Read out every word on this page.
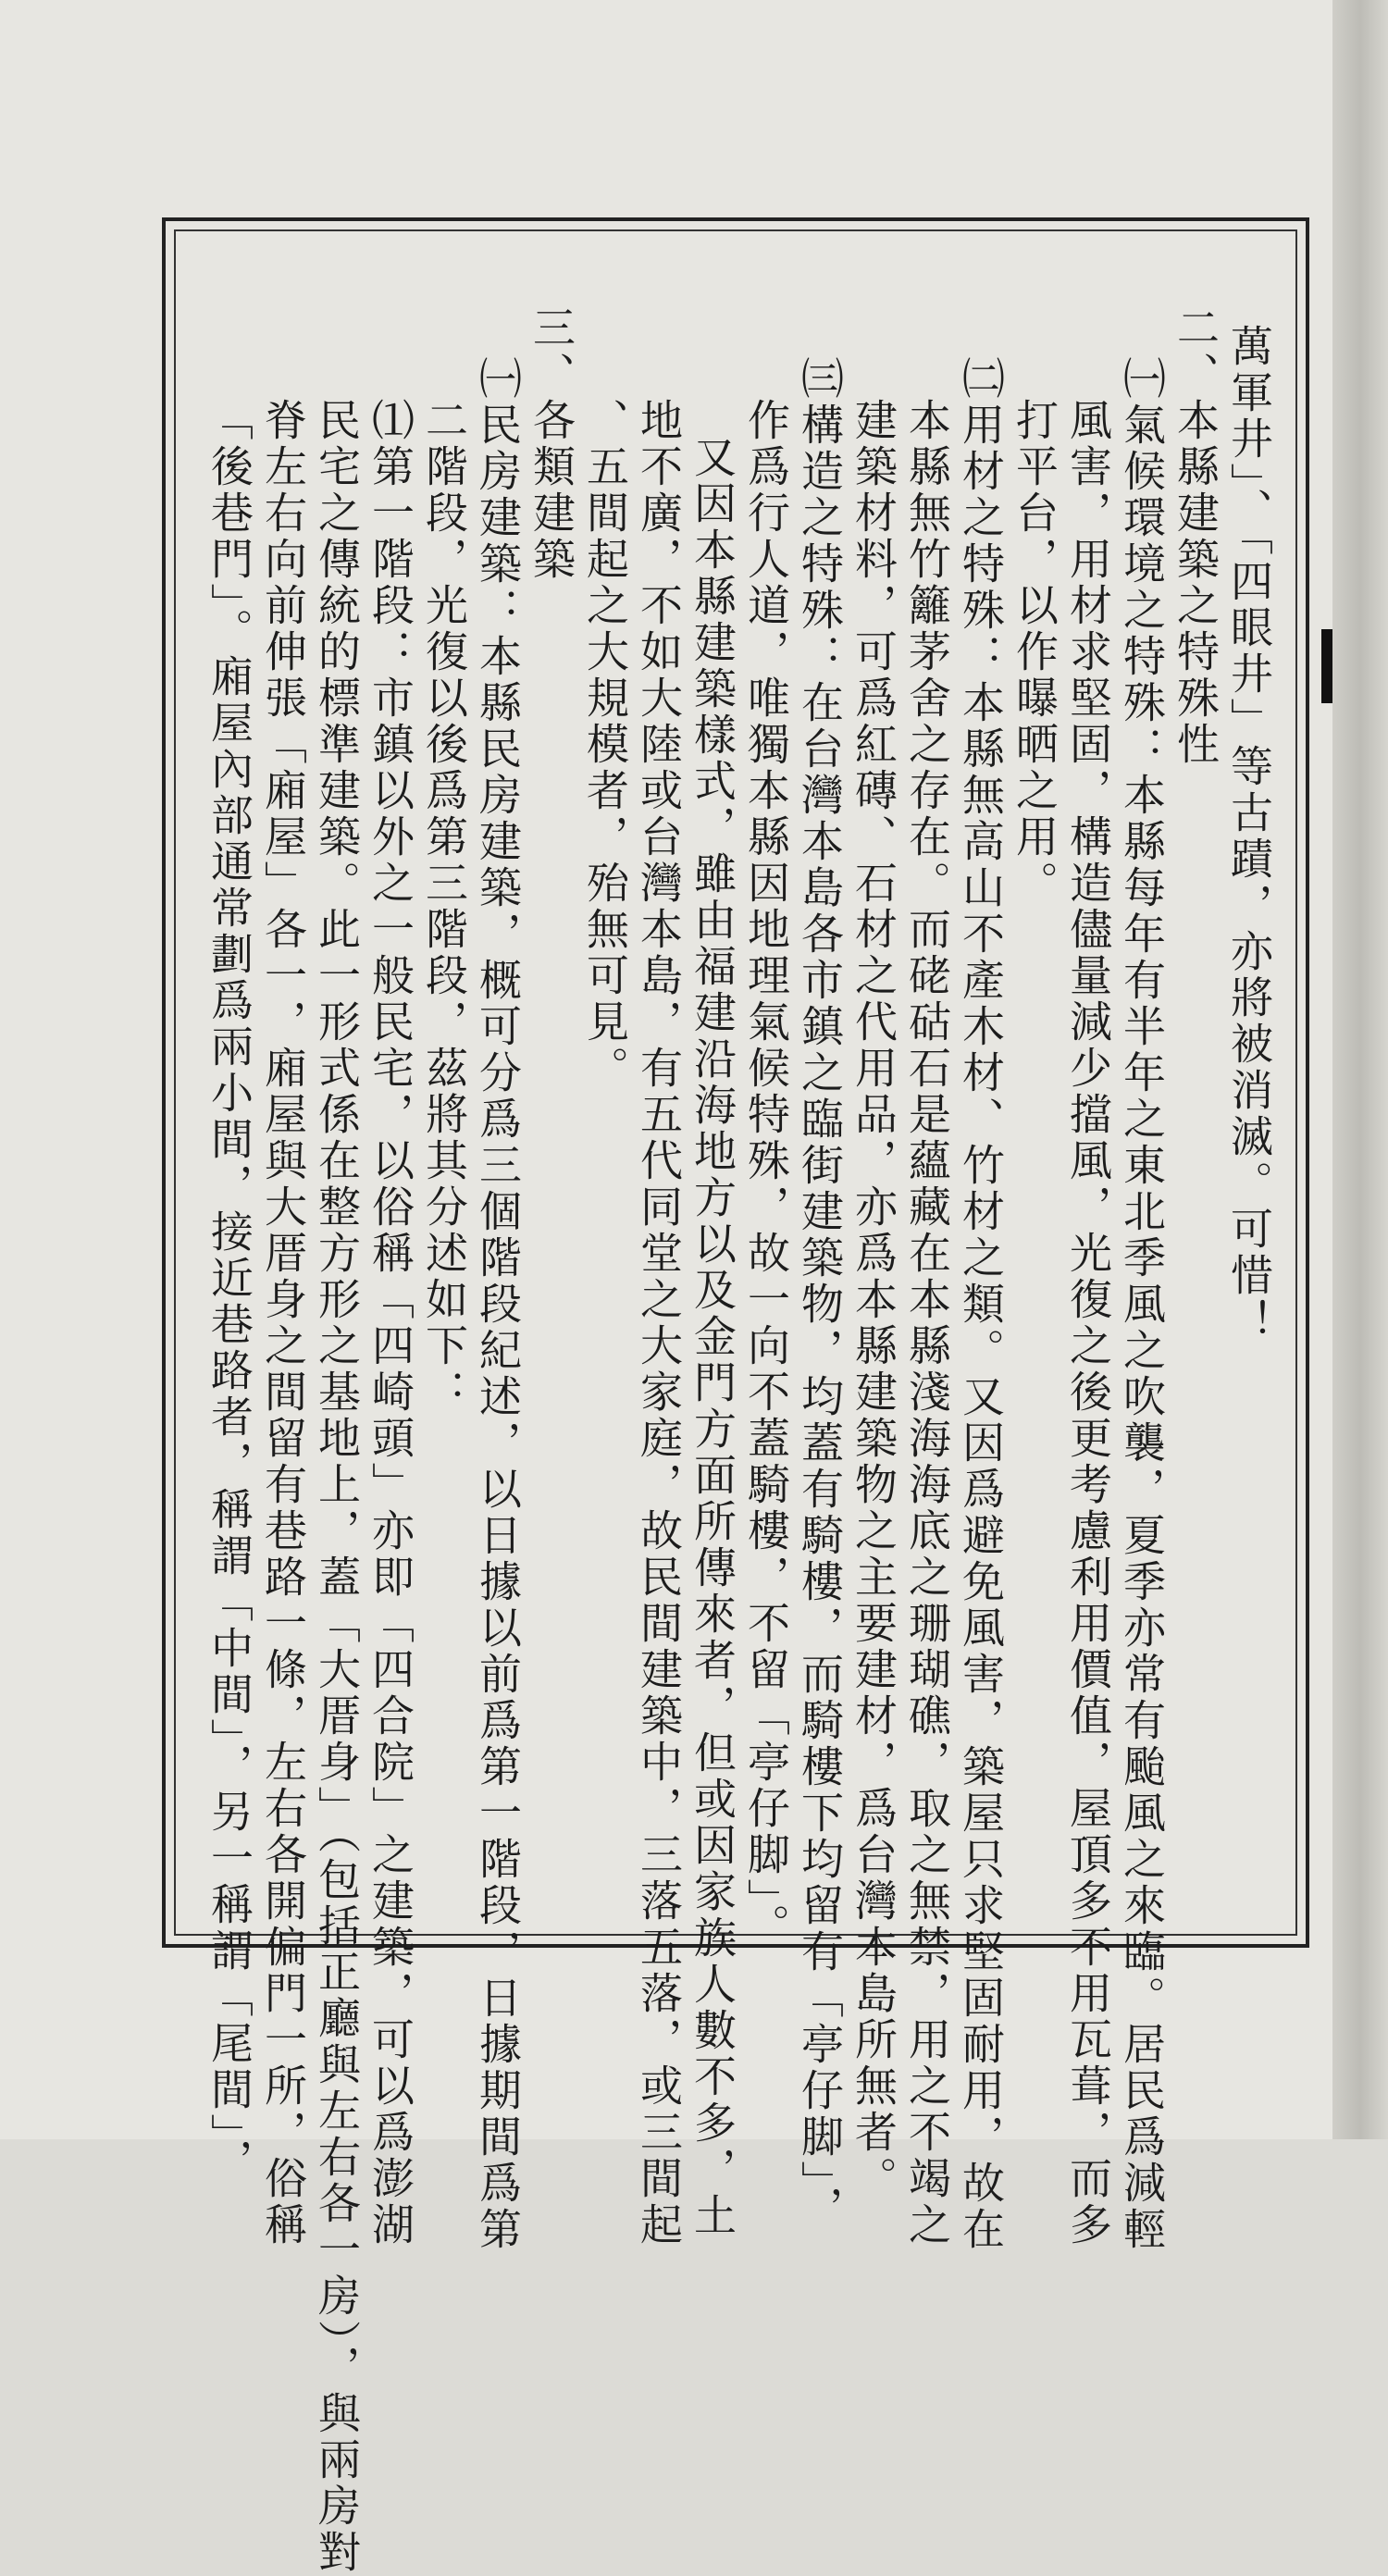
萬軍井」、「四眼井」等古蹟，亦將被消滅。可惜！
二、本縣建築之特殊性
㈠氣候環境之特殊：本縣每年有半年之東北季風之吹襲，夏季亦常有颱風之來臨。居民爲減輕
風害，用材求堅固，構造儘量減少擋風，光復之後更考慮利用價值，屋頂多不用瓦葺，而多
打平台，以作曝晒之用。
㈡用材之特殊：本縣無高山不產木材、竹材之類。又因爲避免風害，築屋只求堅固耐用，故在
本縣無竹籬茅舍之存在。而硓𥑮石是蘊藏在本縣淺海海底之珊瑚礁，取之無禁，用之不竭之
建築材料，可爲紅磚、石材之代用品，亦爲本縣建築物之主要建材，爲台灣本島所無者。
㈢構造之特殊：在台灣本島各市鎮之臨街建築物，均蓋有騎樓，而騎樓下均留有「亭仔脚」，
作爲行人道，唯獨本縣因地理氣候特殊，故一向不蓋騎樓，不留「亭仔脚」。
又因本縣建築樣式，雖由福建沿海地方以及金門方面所傳來者，但或因家族人數不多，土
地不廣，不如大陸或台灣本島，有五代同堂之大家庭，故民間建築中，三落五落，或三間起
、五間起之大規模者，殆無可見。
三、各類建築
㈠民房建築：本縣民房建築，概可分爲三個階段紀述，以日據以前爲第一階段，日據期間爲第
二階段，光復以後爲第三階段，茲將其分述如下：
⑴第一階段：市鎮以外之一般民宅，以俗稱「四崎頭」亦即「四合院」之建築，可以爲澎湖
民宅之傳統的標準建築。此一形式係在整方形之基地上，蓋「大厝身」（包括正廳與左右各一房），與兩房對
脊左右向前伸張「廂屋」各一，廂屋與大厝身之間留有巷路一條，左右各開偏門一所，俗稱
「後巷門」。廂屋內部通常劃爲兩小間，接近巷路者，稱謂「中間」，另一稱謂「尾間」，
